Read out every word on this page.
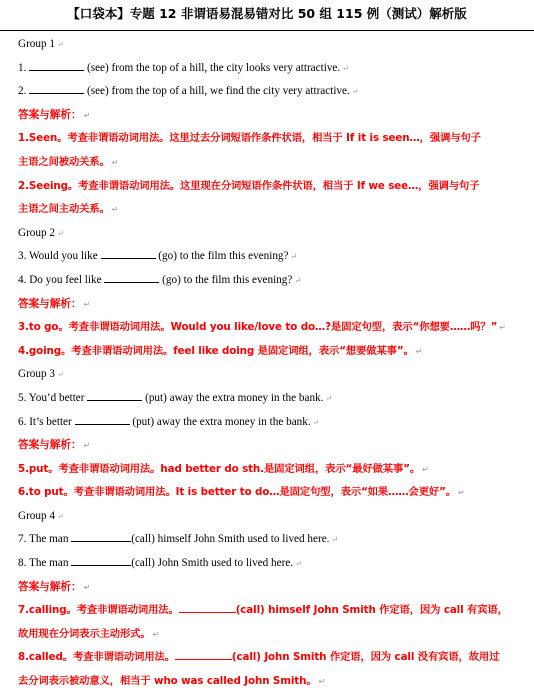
【口袋本】专题 12 非谓语易混易错对比 50 组 115 例（测试）解析版
Group 1 ↵
1.	(see) from the top of a hill, the city looks very attractive. ↵
2.	(see) from the top of a hill, we find the city very attractive. ↵
答案与解析： ↵
1.Seen。考查非谓语动词用法。这里过去分词短语作条件状语，相当于 If it is seen…，强调与句子
主语之间被动关系。 ↵
2.Seeing。考查非谓语动词用法。这里现在分词短语作条件状语，相当于 If we see…，强调与句子
主语之间主动关系。 ↵
Group 2 ↵
3. Would you like	(go) to the film this evening? ↵
4. Do you feel like	(go) to the film this evening? ↵
答案与解析： ↵
3.to go。考查非谓语动词用法。Would you like/love to do…?是固定句型，表示“你想要……吗？” ↵
4.going。考查非谓语动词用法。feel like doing 是固定词组，表示“想要做某事”。 ↵
Group 3 ↵
5. You’d better	(put) away the extra money in the bank. ↵
6. It’s better	(put) away the extra money in the bank. ↵
答案与解析： ↵
5.put。考查非谓语动词用法。had better do sth.是固定词组，表示“最好做某事”。 ↵
6.to put。考查非谓语动词用法。It is better to do…是固定句型，表示“如果……会更好”。 ↵
Group 4 ↵
7. The man	(call) himself John Smith used to lived here. ↵
8. The man	(call) John Smith used to lived here. ↵
答案与解析： ↵
7.calling。考查非谓语动词用法。	(call) himself John Smith 作定语，因为 call 有宾语，
故用现在分词表示主动形式。 ↵
8.called。考查非谓语动词用法。	(call) John Smith 作定语，因为 call 没有宾语，故用过
去分词表示被动意义，相当于 who was called John Smith。 ↵
